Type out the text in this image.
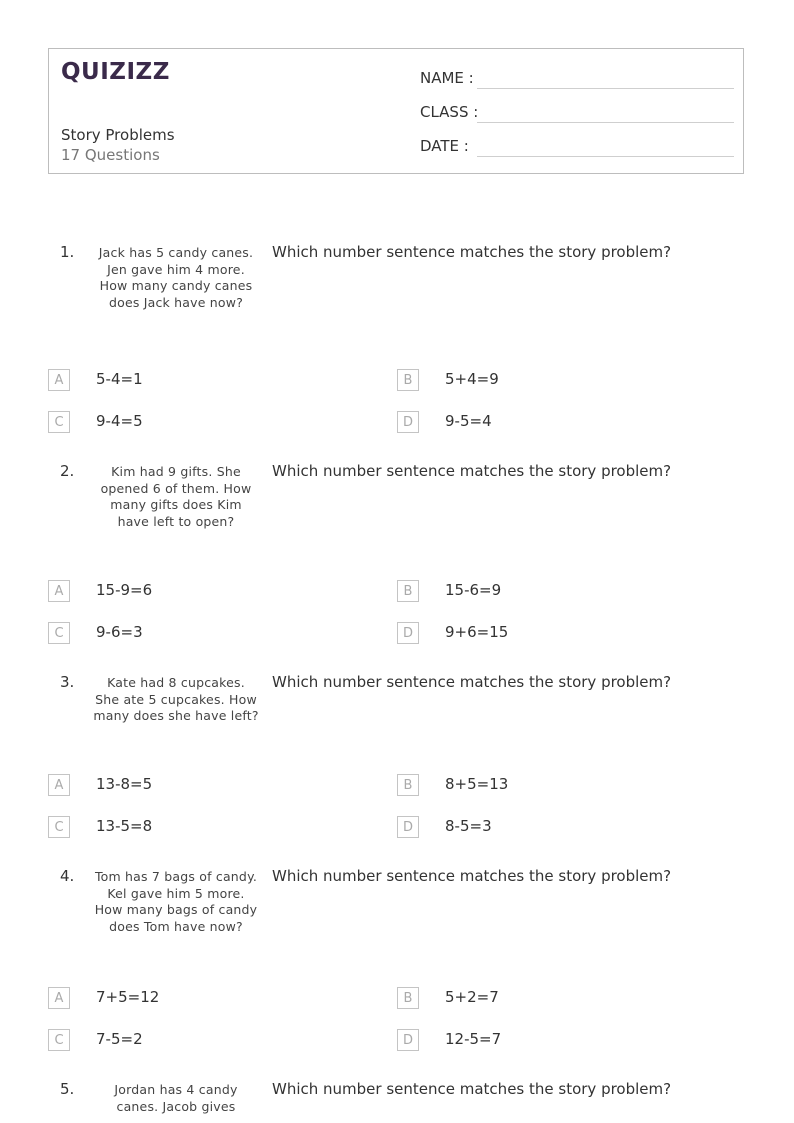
QUIZIZZ
Story Problems
17 Questions
NAME :
CLASS :
DATE :
1.	Jack has 5 candy canes. Jen gave him 4 more. How many candy canes does Jack have now?
Which number sentence matches the story problem?
A	5-4=1	B	5+4=9
C	9-4=5	D	9-5=4
2.	Kim had 9 gifts. She opened 6 of them. How many gifts does Kim have left to open?
Which number sentence matches the story problem?
A	15-9=6	B	15-6=9
C	9-6=3	D	9+6=15
3.	Kate had 8 cupcakes. She ate 5 cupcakes. How many does she have left?
Which number sentence matches the story problem?
A	13-8=5	B	8+5=13
C	13-5=8	D	8-5=3
4. Tom has 7 bags of candy. Kel gave him 5 more. How many bags of candy does Tom have now?
Which number sentence matches the story problem?
A	7+5=12	B	5+2=7
C	7-5=2	D	12-5=7
5.	Jordan has 4 candy canes. Jacob gives
Which number sentence matches the story problem?
